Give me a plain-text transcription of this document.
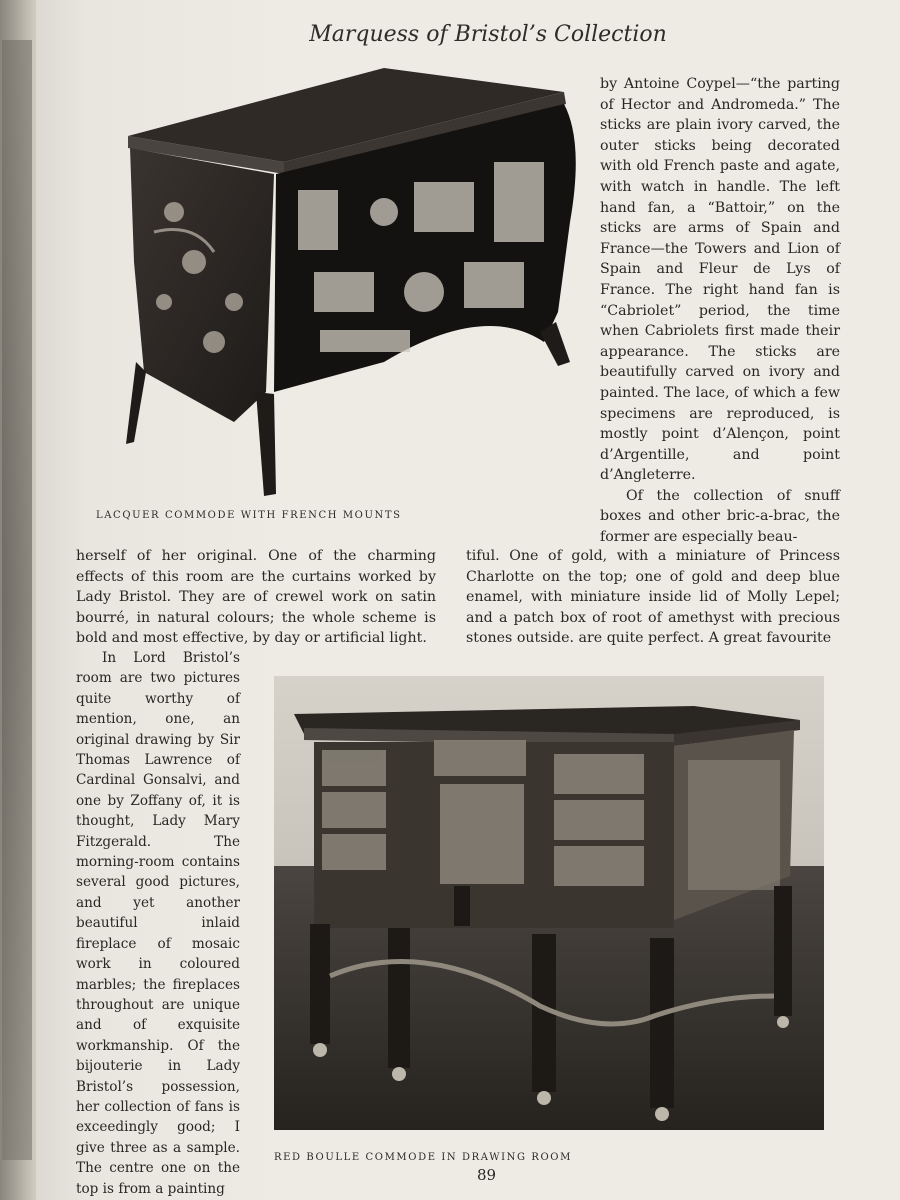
Marquess of Bristol’s Collection
LACQUER COMMODE WITH FRENCH MOUNTS

by Antoine Coypel—“the parting of Hector and Andromeda.” The sticks are plain ivory carved, the outer sticks being decorated with old French paste and agate, with watch in handle. The left hand fan, a “Battoir,” on the sticks are arms of Spain and France—the Towers and Lion of Spain and Fleur de Lys of France. The right hand fan is “Cabriolet” period, the time when Cabriolets first made their appearance. The sticks are beautifully carved on ivory and painted. The lace, of which a few specimens are reproduced, is mostly point d’Alençon, point d’Argentille, and point d’Angleterre.

Of the collection of snuff boxes and other bric-a-brac, the former are especially beau-

herself of her original. One of the charming effects of this room are the curtains worked by Lady Bristol. They are of crewel work on satin bourré, in natural colours; the whole scheme is bold and most effective, by day or artificial light.

tiful. One of gold, with a miniature of Princess Charlotte on the top; one of gold and deep blue enamel, with miniature inside lid of Molly Lepel; and a patch box of root of amethyst with precious stones outside. are quite perfect. A great favourite

In Lord Bristol’s room are two pictures quite worthy of mention, one, an original drawing by Sir Thomas Lawrence of Cardinal Gonsalvi, and one by Zoffany of, it is thought, Lady Mary Fitzgerald. The morning-room contains several good pictures, and yet another beautiful inlaid fireplace of mosaic work in coloured marbles; the fireplaces throughout are unique and of exquisite workmanship. Of the bijouterie in Lady Bristol’s possession, her collection of fans is exceedingly good; I give three as a sample. The centre one on the top is from a painting

RED BOULLE COMMODE IN DRAWING ROOM
89
